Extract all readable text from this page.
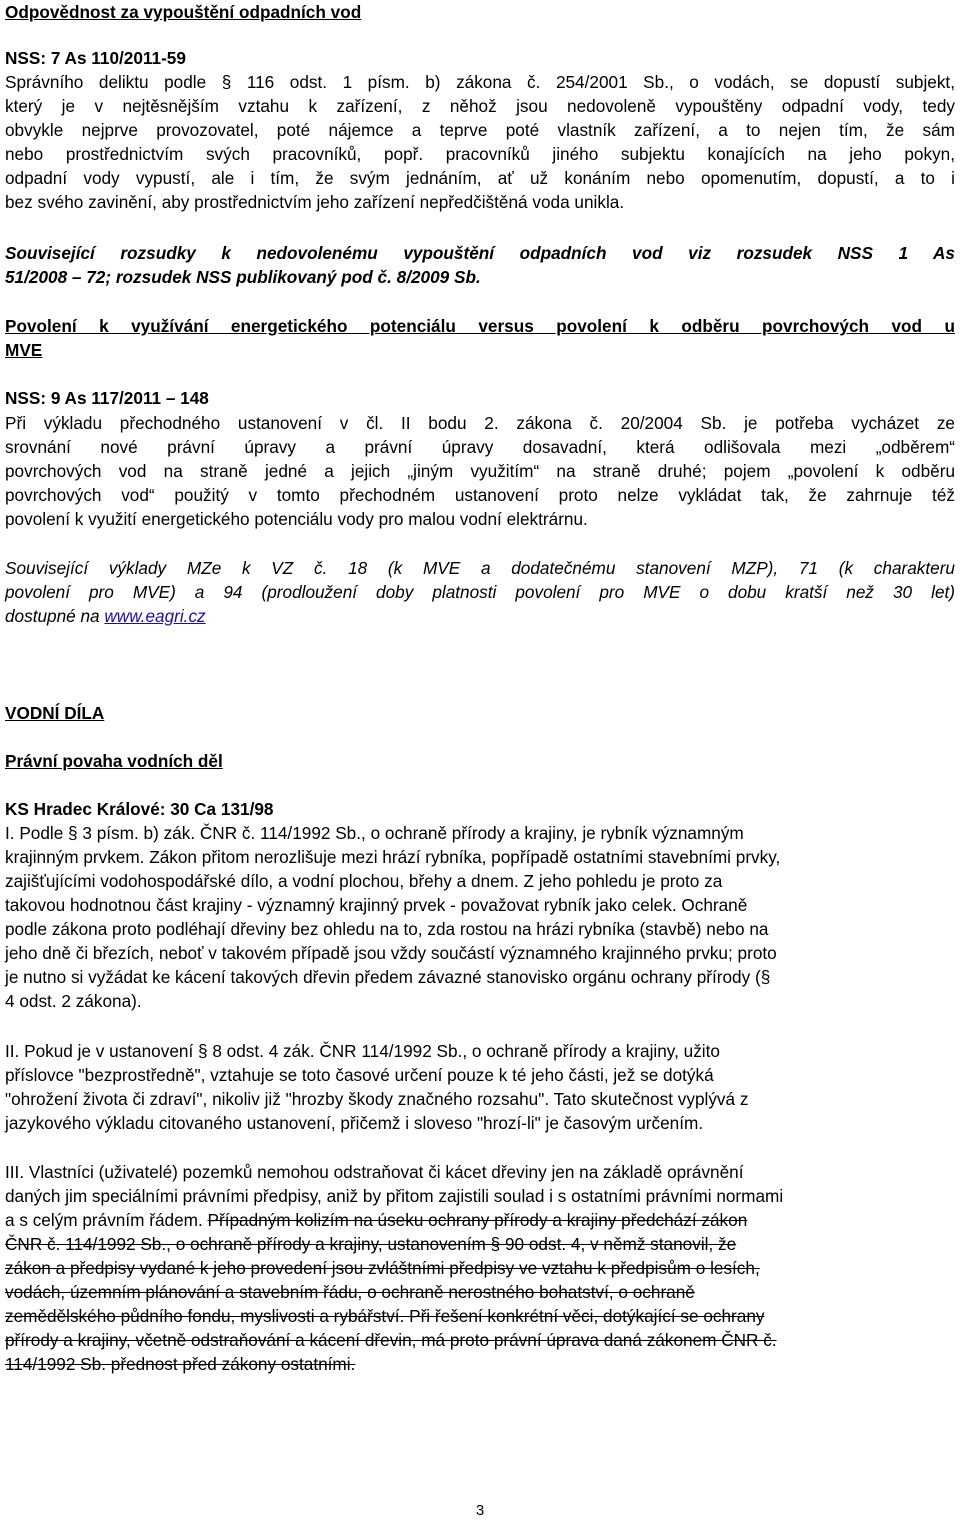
Odpovědnost za vypouštění odpadních vod
NSS: 7 As 110/2011-59
Správního deliktu podle § 116 odst. 1 písm. b) zákona č. 254/2001 Sb., o vodách, se dopustí subjekt,
který je v nejtěsnějším vztahu k zařízení, z něhož jsou nedovoleně vypouštěny odpadní vody, tedy
obvykle nejprve provozovatel, poté nájemce a teprve poté vlastník zařízení, a to nejen tím, že sám
nebo prostřednictvím svých pracovníků, popř. pracovníků jiného subjektu konajících na jeho pokyn,
odpadní vody vypustí, ale i tím, že svým jednáním, ať už konáním nebo opomenutím, dopustí, a to i
bez svého zavinění, aby prostřednictvím jeho zařízení nepředčištěná voda unikla.
Související rozsudky k nedovolenému vypouštění odpadních vod viz rozsudek NSS 1 As
51/2008 – 72; rozsudek NSS publikovaný pod č. 8/2009 Sb.
Povolení k využívání energetického potenciálu versus povolení k odběru povrchových vod u
MVE
NSS: 9 As 117/2011 – 148
Při výkladu přechodného ustanovení v čl. II bodu 2. zákona č. 20/2004 Sb. je potřeba vycházet ze
srovnání nové právní úpravy a právní úpravy dosavadní, která odlišovala mezi „odběrem“
povrchových vod na straně jedné a jejich „jiným využitím“ na straně druhé; pojem „povolení k odběru
povrchových vod“ použitý v tomto přechodném ustanovení proto nelze vykládat tak, že zahrnuje též
povolení k využití energetického potenciálu vody pro malou vodní elektrárnu.
Související výklady MZe k VZ č. 18 (k MVE a dodatečnému stanovení MZP), 71 (k charakteru
povolení pro MVE) a 94 (prodloužení doby platnosti povolení pro MVE o dobu kratší než 30 let)
dostupné na www.eagri.cz
VODNÍ DÍLA
Právní povaha vodních děl
KS Hradec Králové: 30 Ca 131/98
I. Podle § 3 písm. b) zák. ČNR č. 114/1992 Sb., o ochraně přírody a krajiny, je rybník významným
krajinným prvkem. Zákon přitom nerozlišuje mezi hrází rybníka, popřípadě ostatními stavebními prvky,
zajišťujícími vodohospodářské dílo, a vodní plochou, břehy a dnem. Z jeho pohledu je proto za
takovou hodnotnou část krajiny - významný krajinný prvek - považovat rybník jako celek. Ochraně
podle zákona proto podléhají dřeviny bez ohledu na to, zda rostou na hrázi rybníka (stavbě) nebo na
jeho dně či březích, neboť v takovém případě jsou vždy součástí významného krajinného prvku; proto
je nutno si vyžádat ke kácení takových dřevin předem závazné stanovisko orgánu ochrany přírody (§
4 odst. 2 zákona).
II. Pokud je v ustanovení § 8 odst. 4 zák. ČNR 114/1992 Sb., o ochraně přírody a krajiny, užito
příslovce "bezprostředně", vztahuje se toto časové určení pouze k té jeho části, jež se dotýká
"ohrožení života či zdraví", nikoliv již "hrozby škody značného rozsahu". Tato skutečnost vyplývá z
jazykového výkladu citovaného ustanovení, přičemž i sloveso "hrozí-li" je časovým určením.
III. Vlastníci (uživatelé) pozemků nemohou odstraňovat či kácet dřeviny jen na základě oprávnění
daných jim speciálními právními předpisy, aniž by přitom zajistili soulad i s ostatními právními normami
a s celým právním řádem. Případným kolizím na úseku ochrany přírody a krajiny předchází zákon
ČNR č. 114/1992 Sb., o ochraně přírody a krajiny, ustanovením § 90 odst. 4, v němž stanovil, že
zákon a předpisy vydané k jeho provedení jsou zvláštními předpisy ve vztahu k předpisům o lesích,
vodách, územním plánování a stavebním řádu, o ochraně nerostného bohatství, o ochraně
zemědělského půdního fondu, myslivosti a rybářství. Při řešení konkrétní věci, dotýkající se ochrany
přírody a krajiny, včetně odstraňování a kácení dřevin, má proto právní úprava daná zákonem ČNR č.
114/1992 Sb. přednost před zákony ostatními.
3
